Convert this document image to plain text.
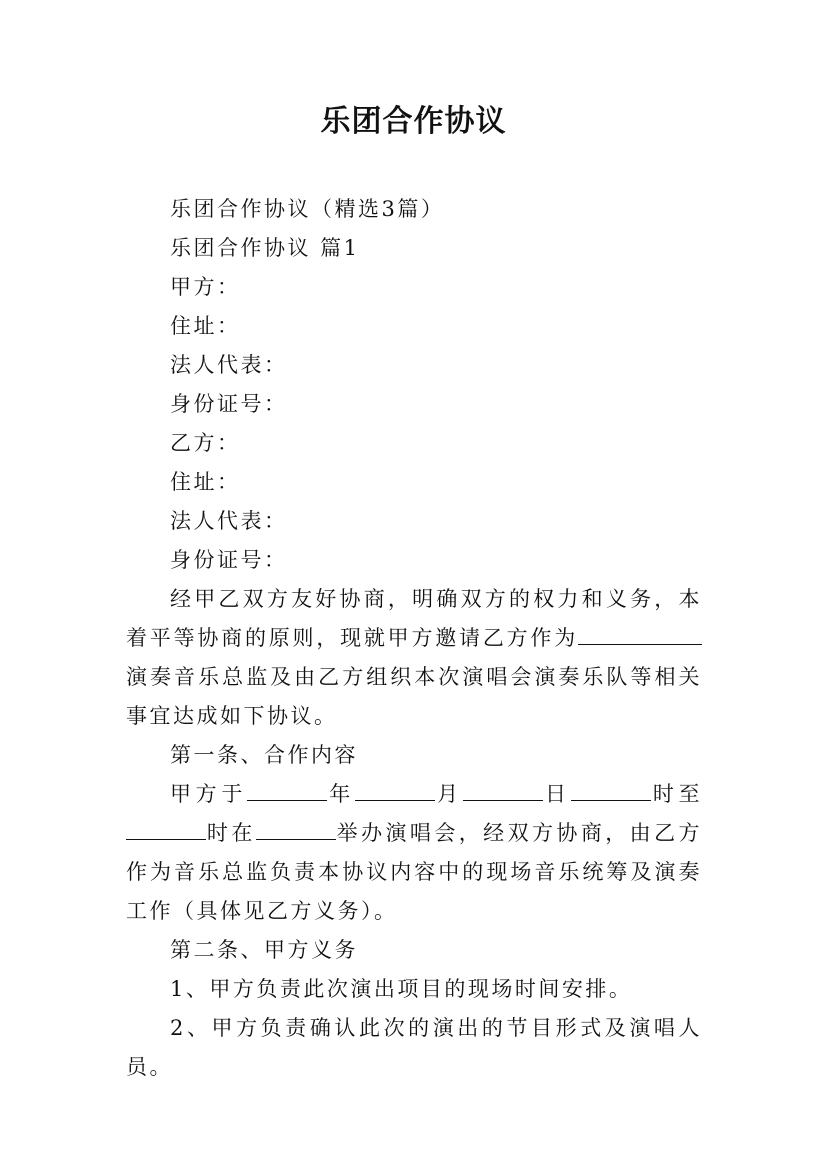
乐团合作协议

乐团合作协议（精选3篇）

乐团合作协议 篇1

甲方：

住址：

法人代表：

身份证号：

乙方：

住址：

法人代表：

身份证号：

经甲乙双方友好协商，明确双方的权力和义务，本着平等协商的原则，现就甲方邀请乙方作为演奏音乐总监及由乙方组织本次演唱会演奏乐队等相关事宜达成如下协议。

第一条、合作内容

甲方于	年	月	日	时至时在	举办演唱会，经双方协商，由乙方作为音乐总监负责本协议内容中的现场音乐统筹及演奏工作（具体见乙方义务）。

第二条、甲方义务

1、甲方负责此次演出项目的现场时间安排。

2、甲方负责确认此次的演出的节目形式及演唱人员。
